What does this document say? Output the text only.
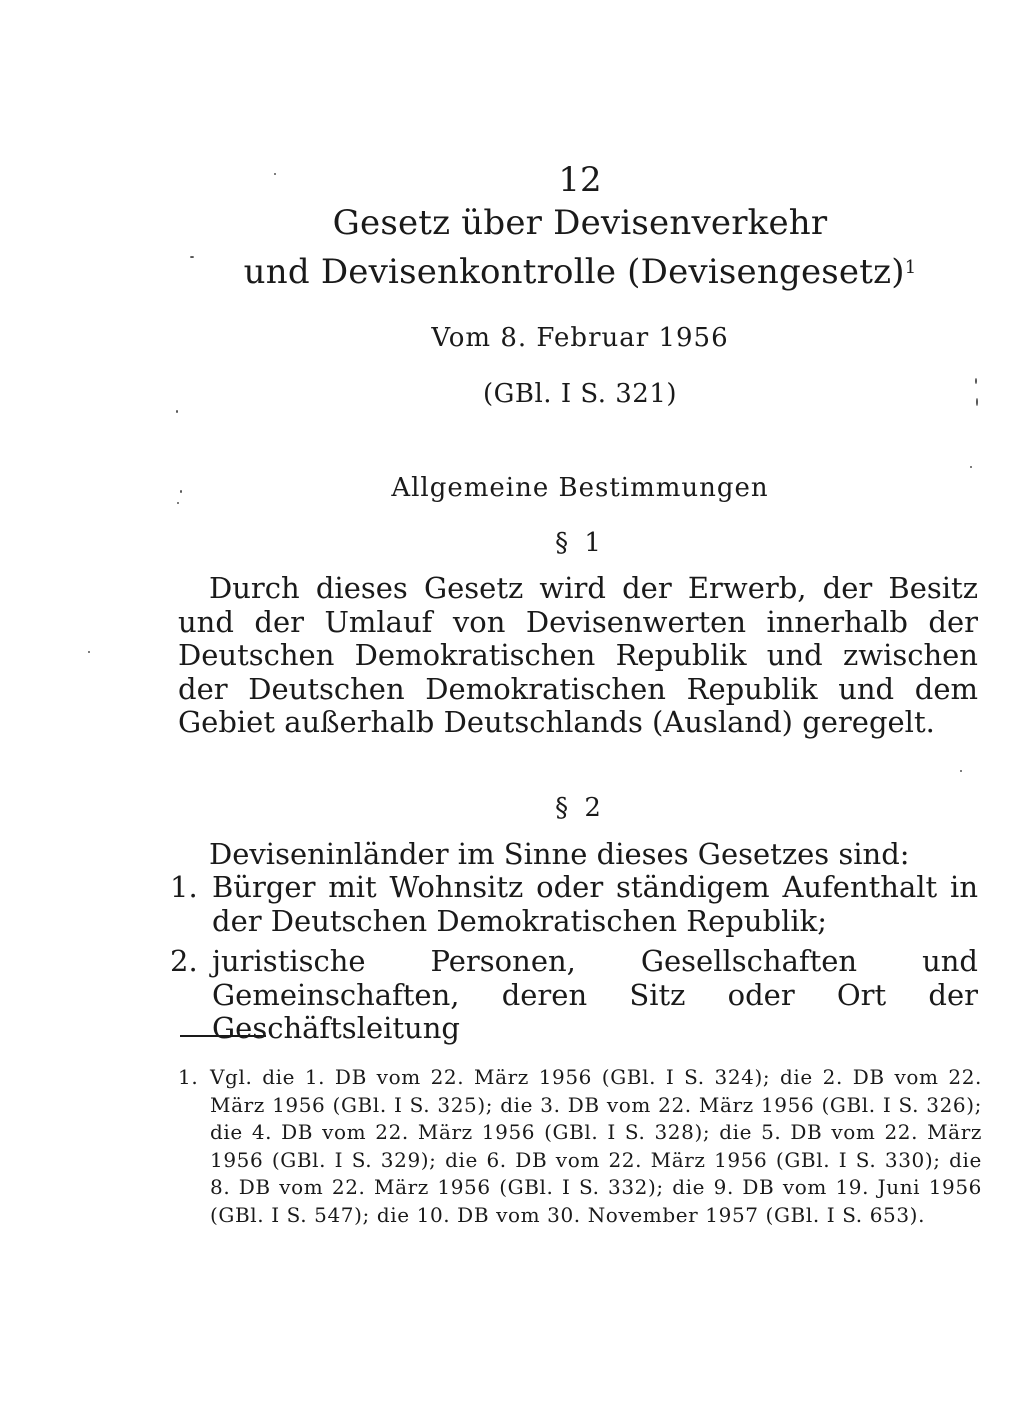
12
Gesetz über Devisenverkehr
und Devisenkontrolle (Devisengesetz)$^1$
Vom 8. Februar 1956
(GBl. I S. 321)
Allgemeine Bestimmungen
§ 1
Durch dieses Gesetz wird der Erwerb, der Besitz und der Umlauf von Devisenwerten innerhalb der Deutschen Demokratischen Republik und zwischen der Deutschen Demokratischen Republik und dem Gebiet außerhalb Deutschlands (Ausland) geregelt.
§ 2
Deviseninländer im Sinne dieses Gesetzes sind:
1. Bürger mit Wohnsitz oder ständigem Aufenthalt in der Deutschen Demokratischen Republik;
2. juristische Personen, Gesellschaften und Gemeinschaften, deren Sitz oder Ort der Geschäftsleitung
1. Vgl. die 1. DB vom 22. März 1956 (GBl. I S. 324); die 2. DB vom 22. März 1956 (GBl. I S. 325); die 3. DB vom 22. März 1956 (GBl. I S. 326); die 4. DB vom 22. März 1956 (GBl. I S. 328); die 5. DB vom 22. März 1956 (GBl. I S. 329); die 6. DB vom 22. März 1956 (GBl. I S. 330); die 8. DB vom 22. März 1956 (GBl. I S. 332); die 9. DB vom 19. Juni 1956 (GBl. I S. 547); die 10. DB vom 30. November 1957 (GBl. I S. 653).
